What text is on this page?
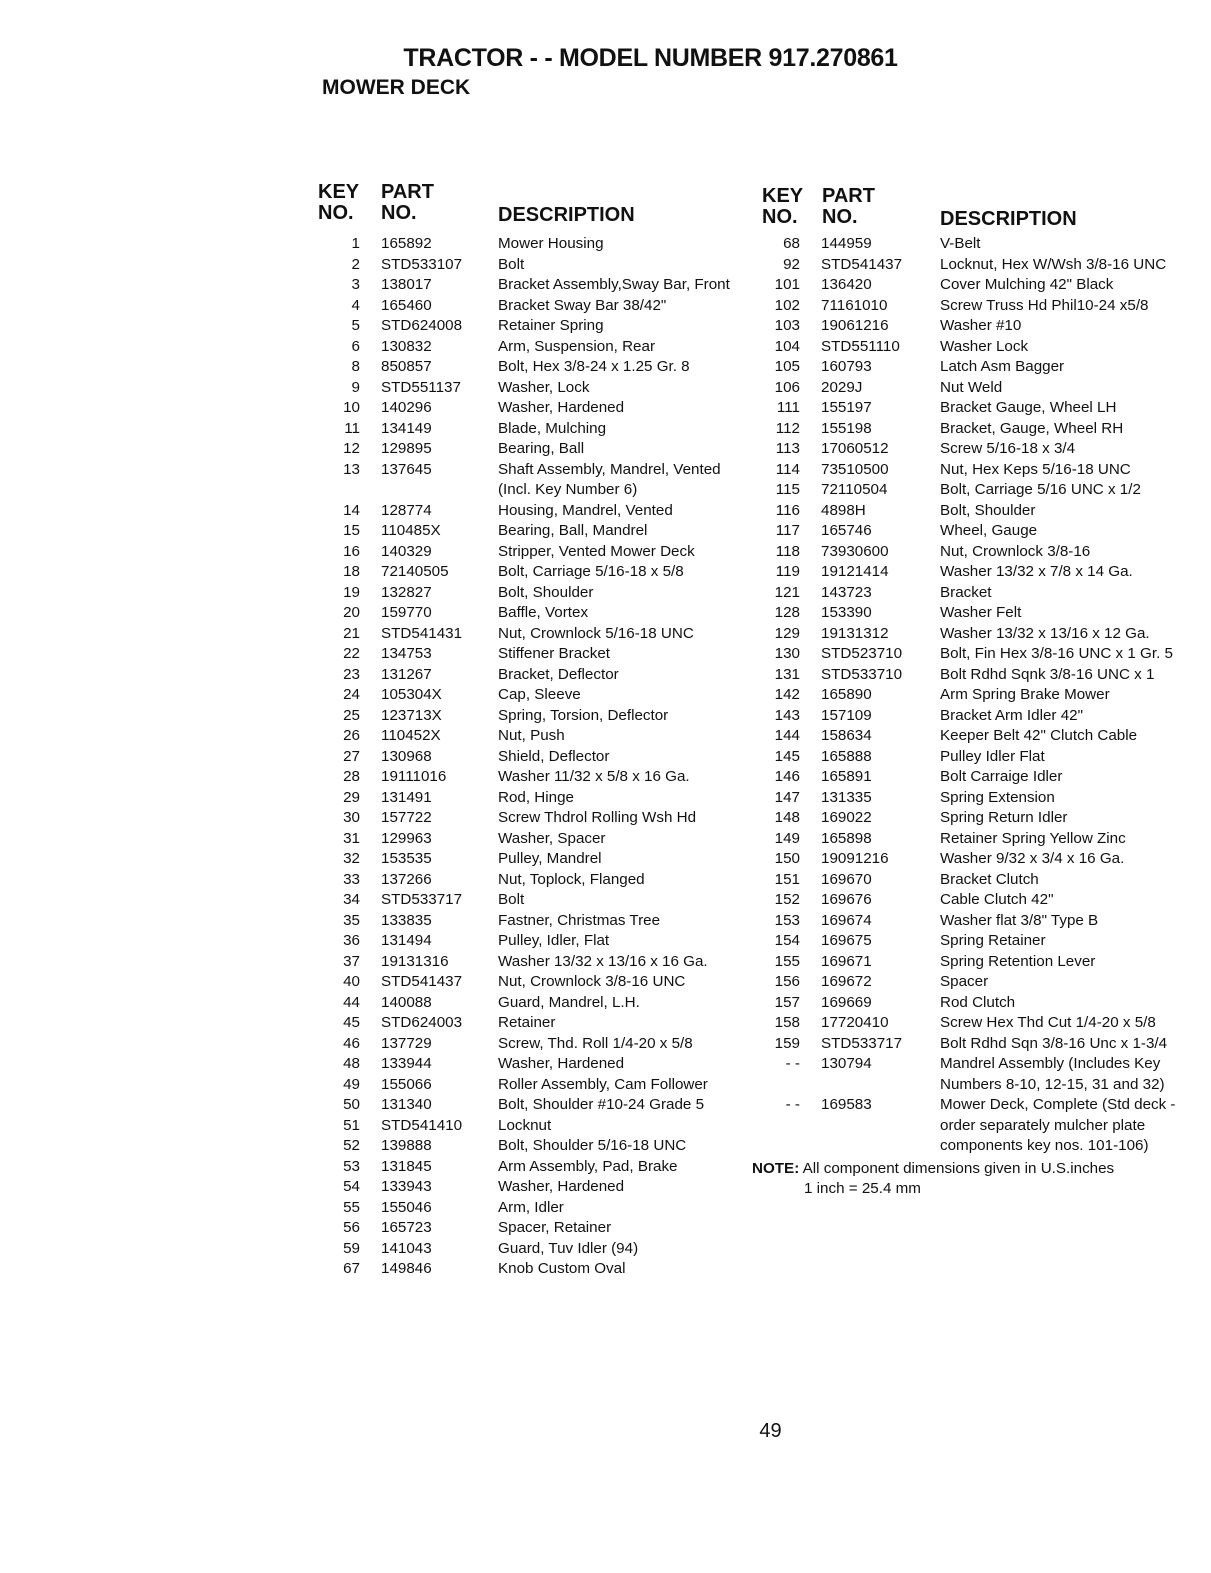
TRACTOR - - MODEL NUMBER 917.270861
MOWER DECK
KEY
NO.
PART
NO.	DESCRIPTION
1 165892	Mower Housing
2 STD533107 Bolt
3 138017	Bracket Assembly,Sway Bar, Front
4 165460	Bracket Sway Bar 38/42"
5 STD624008 Retainer Spring
6 130832	Arm, Suspension, Rear
8 850857	Bolt, Hex 3/8-24 x 1.25 Gr. 8
9 STD551137 Washer, Lock
10 140296	Washer, Hardened
11 134149	Blade, Mulching
12 129895	Bearing, Ball
13 137645	Shaft Assembly, Mandrel, Vented (Incl. Key Number 6)
14 128774	Housing, Mandrel, Vented
15 110485X	Bearing, Ball, Mandrel
16 140329	Stripper, Vented Mower Deck
18 72140505	Bolt, Carriage 5/16-18 x 5/8
19 132827	Bolt, Shoulder
20 159770	Baffle, Vortex
21 STD541431 Nut, Crownlock 5/16-18 UNC
22 134753	Stiffener Bracket
23 131267	Bracket, Deflector
24 105304X	Cap, Sleeve
25 123713X	Spring, Torsion, Deflector
26 110452X	Nut, Push
27 130968	Shield, Deflector
28 19111016	Washer 11/32 x 5/8 x 16 Ga.
29 131491	Rod, Hinge
30 157722	Screw Thdrol Rolling Wsh Hd
31 129963	Washer, Spacer
32 153535	Pulley, Mandrel
33 137266	Nut, Toplock, Flanged
34 STD533717 Bolt
35 133835	Fastner, Christmas Tree
36 131494	Pulley, Idler, Flat
37 19131316	Washer 13/32 x 13/16 x 16 Ga.
40 STD541437 Nut, Crownlock 3/8-16 UNC
44 140088	Guard, Mandrel, L.H.
45 STD624003 Retainer
46 137729	Screw, Thd. Roll 1/4-20 x 5/8
48 133944	Washer, Hardened
49 155066	Roller Assembly, Cam Follower
50 131340	Bolt, Shoulder #10-24 Grade 5
51 STD541410 Locknut
52 139888	Bolt, Shoulder 5/16-18 UNC
53 131845	Arm Assembly, Pad, Brake
54 133943	Washer, Hardened
55 155046	Arm, Idler
56 165723	Spacer, Retainer
59 141043	Guard, Tuv Idler (94)
67 149846	Knob Custom Oval
KEY
NO.
PART
NO.	DESCRIPTION
68 144959	V-Belt
92 STD541437 Locknut, Hex W/Wsh 3/8-16 UNC
101 136420	Cover Mulching 42" Black
102 71161010	Screw Truss Hd Phil10-24 x5/8
103 19061216	Washer #10
104 STD551110	Washer Lock
105 160793	Latch Asm Bagger
106 2029J	Nut Weld
111 155197	Bracket Gauge, Wheel LH
112 155198	Bracket, Gauge, Wheel RH
113 17060512	Screw 5/16-18 x 3/4
114 73510500	Nut, Hex Keps 5/16-18 UNC
115 72110504	Bolt, Carriage 5/16 UNC x 1/2
116 4898H	Bolt, Shoulder
117 165746	Wheel, Gauge
118 73930600	Nut, Crownlock 3/8-16
119 19121414	Washer 13/32 x 7/8 x 14 Ga.
121 143723	Bracket
128 153390	Washer Felt
129 19131312	Washer 13/32 x 13/16 x 12 Ga.
130 STD523710 Bolt, Fin Hex 3/8-16 UNC x 1 Gr. 5
131 STD533710 Bolt Rdhd Sqnk 3/8-16 UNC x 1
142 165890	Arm Spring Brake Mower
143 157109	Bracket Arm Idler 42"
144 158634	Keeper Belt 42" Clutch Cable
145 165888	Pulley Idler Flat
146 165891	Bolt Carraige Idler
147 131335	Spring Extension
148 169022	Spring Return Idler
149 165898	Retainer Spring Yellow Zinc
150 19091216	Washer 9/32 x 3/4 x 16 Ga.
151 169670	Bracket Clutch
152 169676	Cable Clutch 42"
153 169674	Washer flat 3/8" Type B
154 169675	Spring Retainer
155 169671	Spring Retention Lever
156 169672	Spacer
157 169669	Rod Clutch
158 17720410	Screw Hex Thd Cut 1/4-20 x 5/8
159 STD533717 Bolt Rdhd Sqn 3/8-16 Unc x 1-3/4
- - 130794	Mandrel Assembly (Includes Key Numbers 8-10, 12-15, 31 and 32)
- - 169583	Mower Deck, Complete (Std deck - order separately mulcher plate components key nos. 101-106)
NOTE: All component dimensions given in U.S.inches
1 inch = 25.4 mm
49
